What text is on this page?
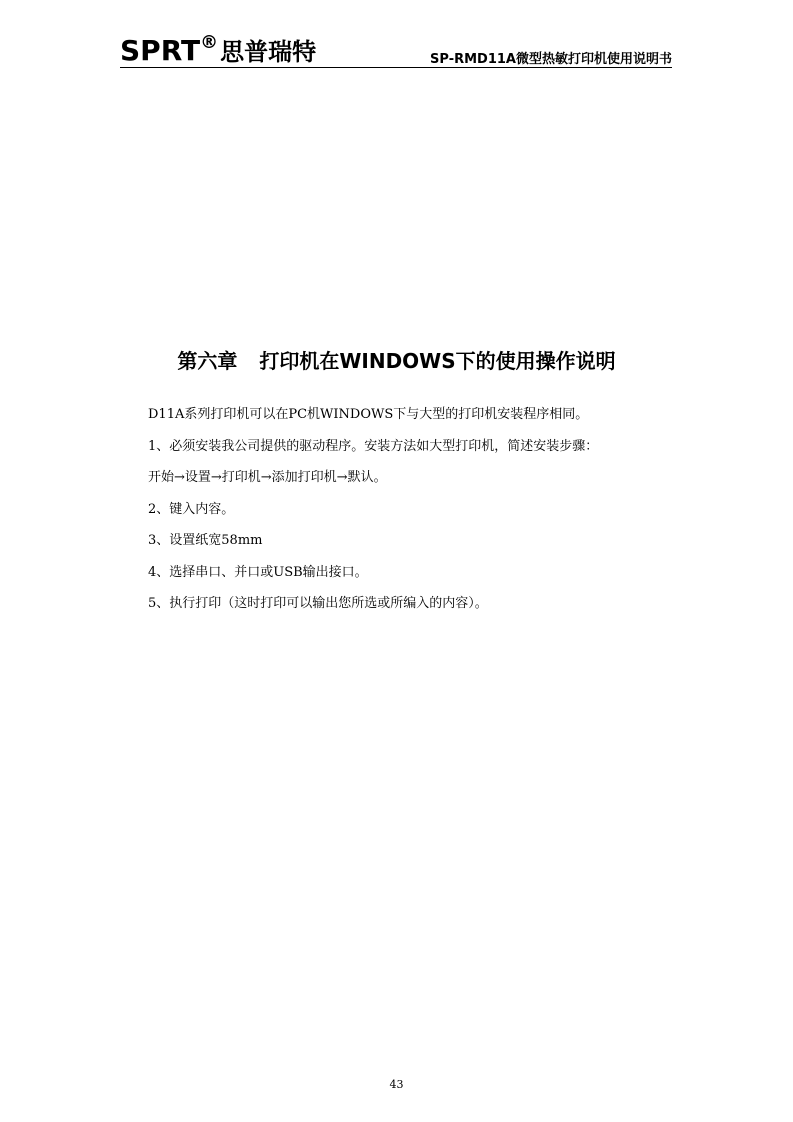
SPRT®思普瑞特	SP-RMD11A微型热敏打印机使用说明书
第六章 打印机在WINDOWS下的使用操作说明
D11A系列打印机可以在PC机WINDOWS下与大型的打印机安装程序相同。
1、必须安装我公司提供的驱动程序。安装方法如大型打印机，简述安装步骤：
开始→设置→打印机→添加打印机→默认。
2、键入内容。
3、设置纸宽58mm
4、选择串口、并口或USB输出接口。
5、执行打印（这时打印可以输出您所选或所编入的内容）。
43
